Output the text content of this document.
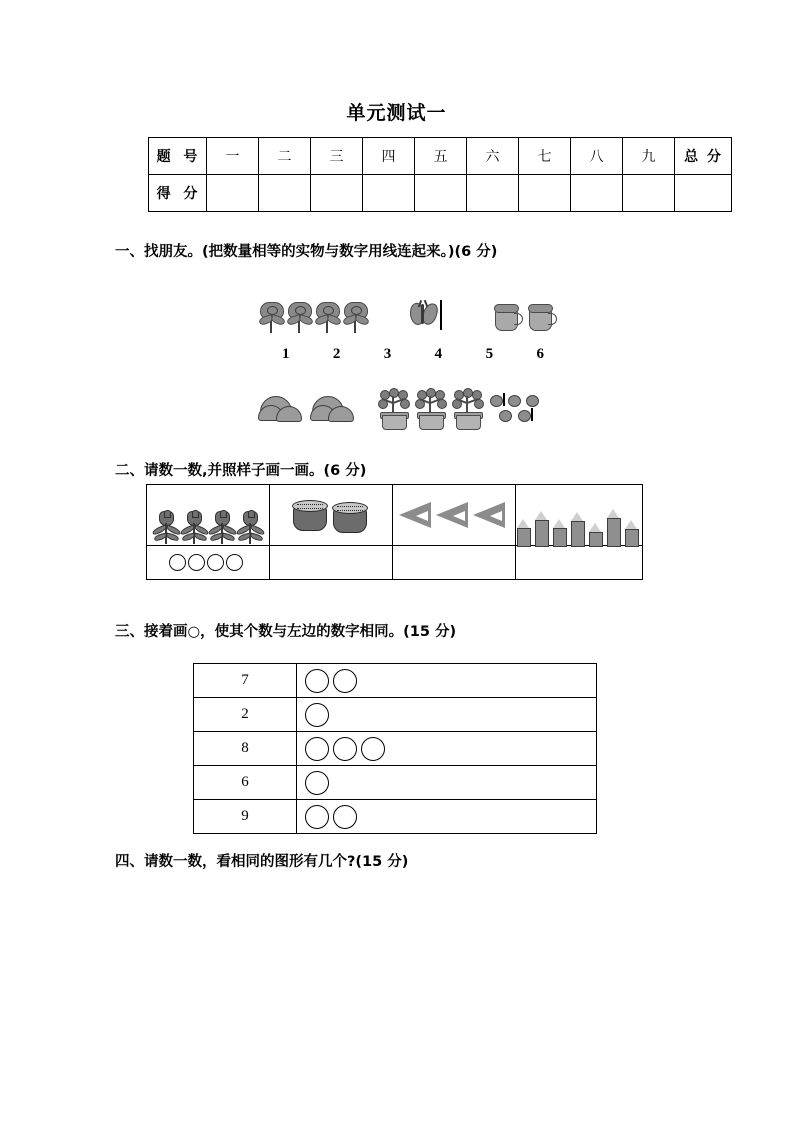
单元测试一
题 号	一	二	三	四	五	六	七	八	九	总 分
得 分										
一、找朋友。(把数量相等的实物与数字用线连起来。)(6 分)
1	2	3	4	5	6
二、请数一数,并照样子画一画。(6 分)

三、接着画○，使其个数与左边的数字相同。(15 分)
7	

2	

8	

6	

9	
四、请数一数，看相同的图形有几个?(15 分)
